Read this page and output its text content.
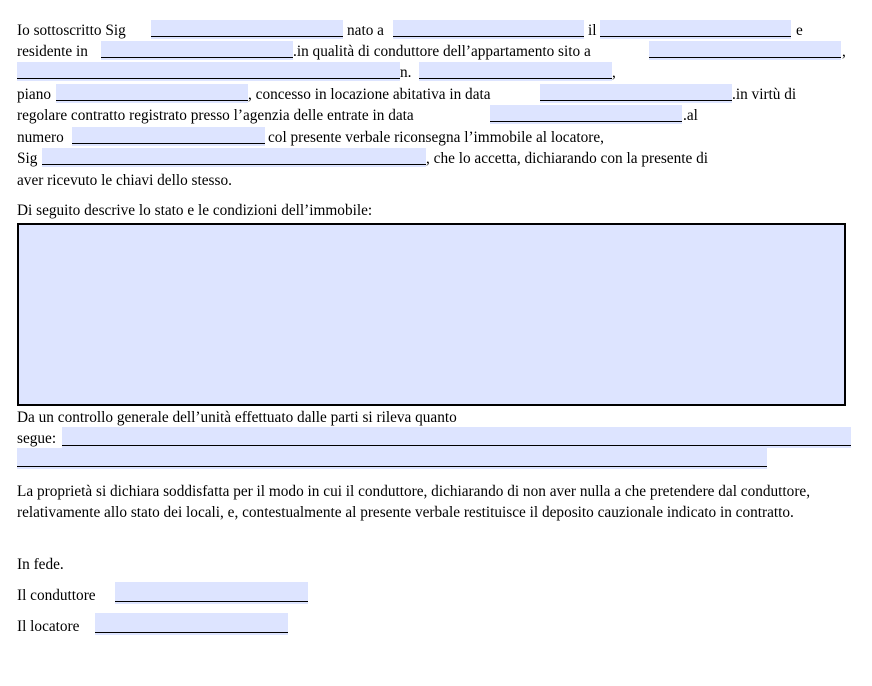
Io sottoscritto Sig	nato a	il	e
residente in	.in qualità di conduttore dell’appartamento sito a	,
n.	,
piano	, concesso in locazione abitativa in data	.in virtù di
regolare contratto registrato presso l’agenzia delle entrate in data	.al
numero	col presente verbale riconsegna l’immobile al locatore,
Sig	, che lo accetta, dichiarando con la presente di
aver ricevuto le chiavi dello stesso.
Di seguito descrive lo stato e le condizioni dell’immobile:
Da un controllo generale dell’unità effettuato dalle parti si rileva quanto
segue:
La proprietà si dichiara soddisfatta per il modo in cui il conduttore, dichiarando di non aver nulla a che pretendere dal conduttore, relativamente allo stato dei locali, e, contestualmente al presente verbale restituisce il deposito cauzionale indicato in contratto.
In fede.
Il conduttore
Il locatore
